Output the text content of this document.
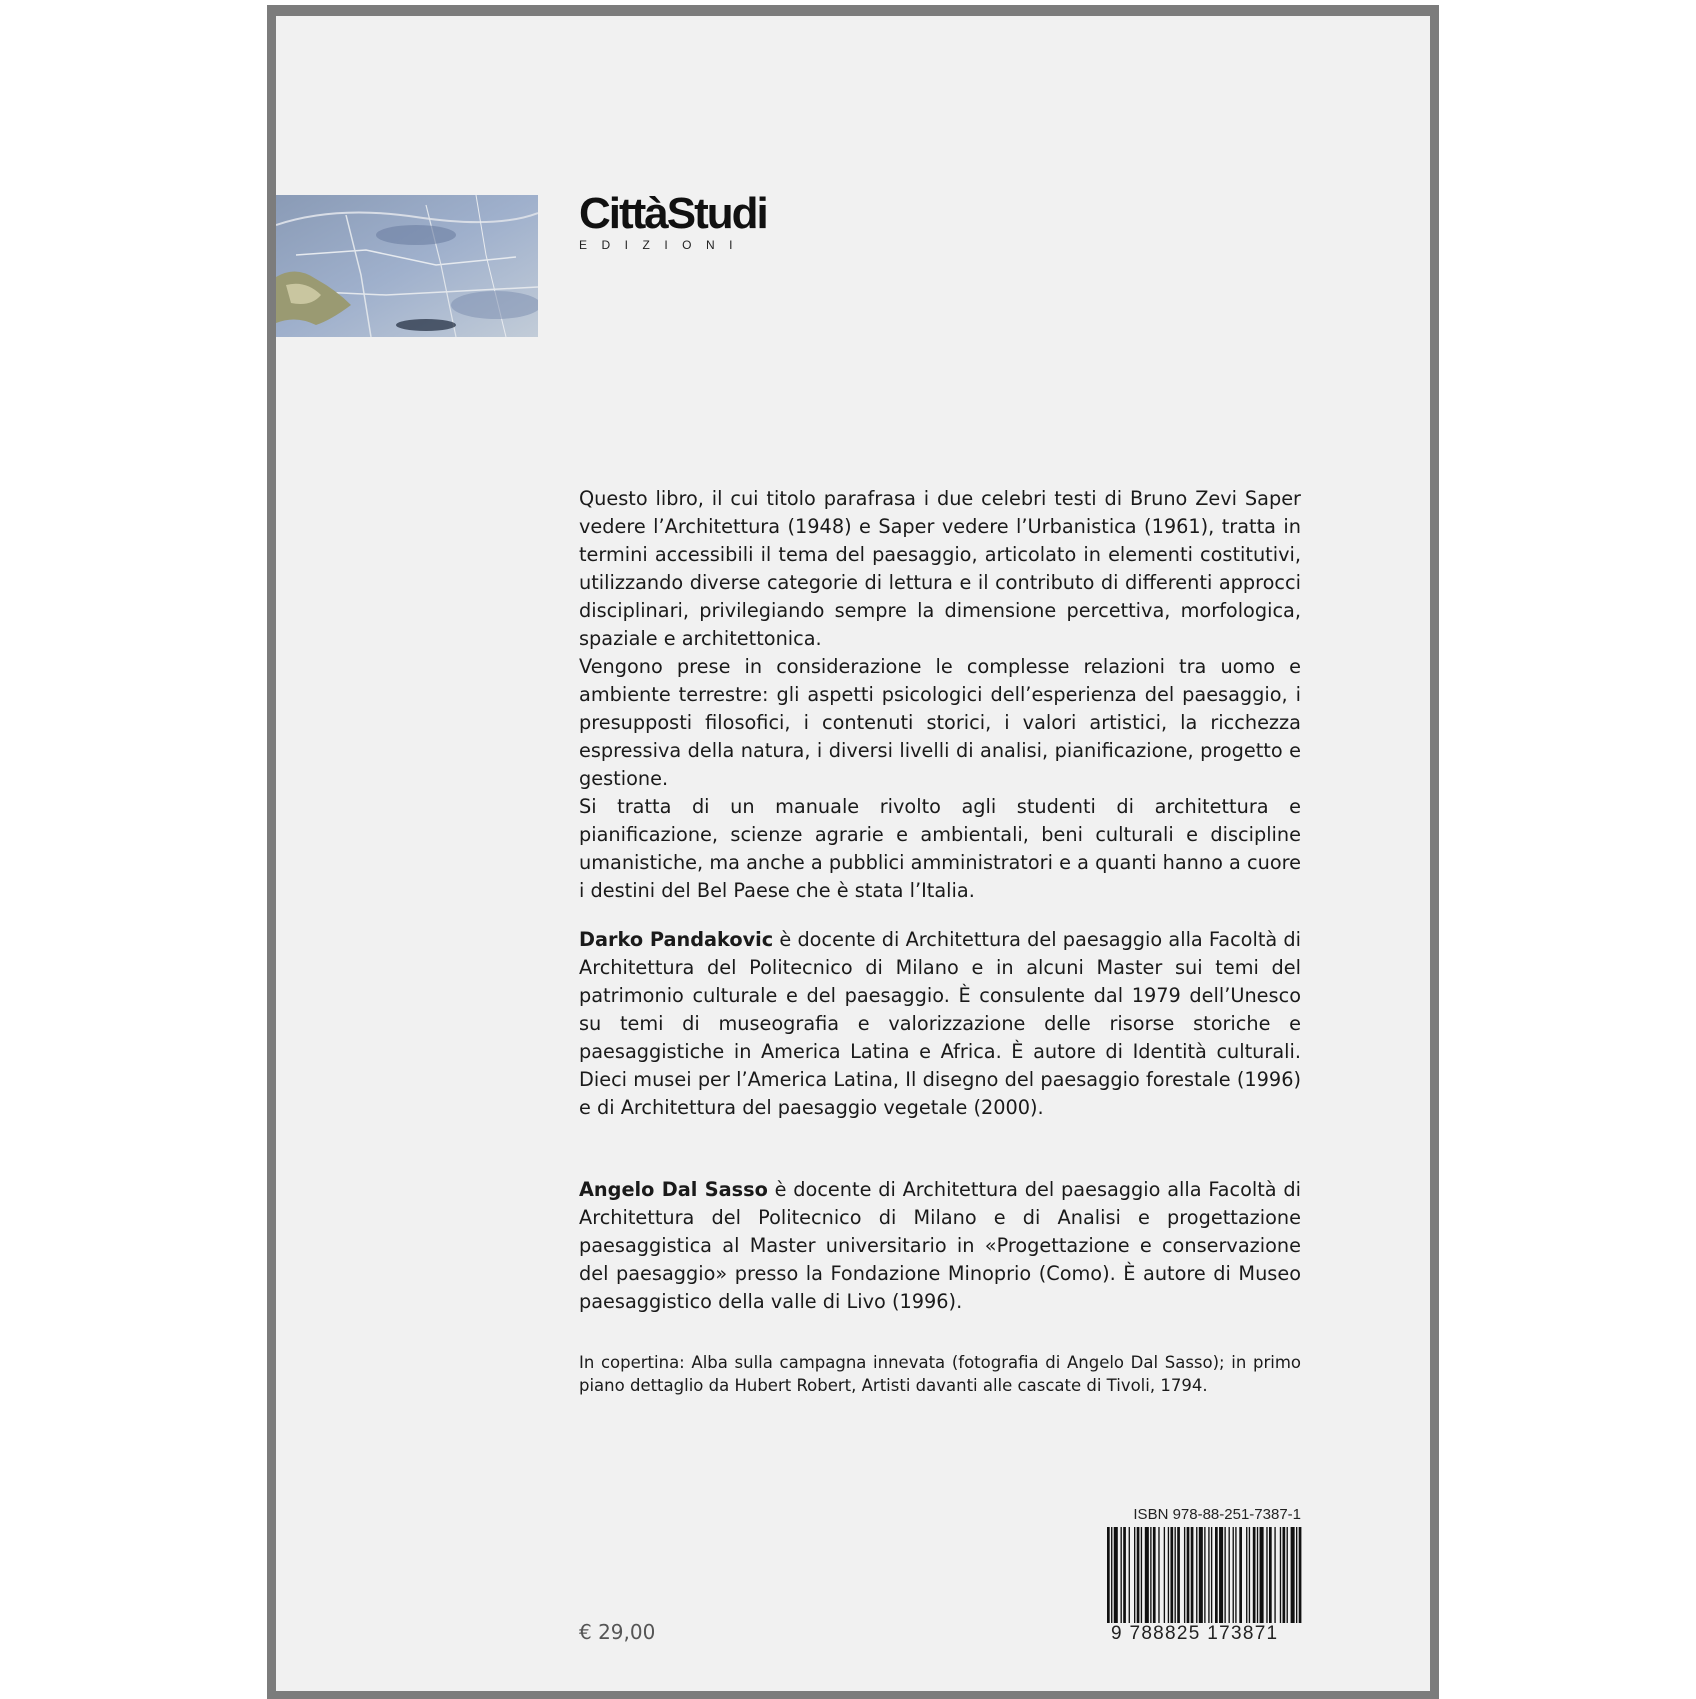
CittàStudi
EDIZIONI

Questo libro, il cui titolo parafrasa i due celebri testi di Bruno Zevi Saper vedere l’Architettura (1948) e Saper vedere l’Urbanistica (1961), tratta in termini accessibili il tema del paesaggio, articolato in elementi costitutivi, utilizzando diverse categorie di lettura e il contributo di differenti approcci disciplinari, privilegiando sempre la dimensione percettiva, morfologica, spaziale e architettonica.

Vengono prese in considerazione le complesse relazioni tra uomo e ambiente terrestre: gli aspetti psicologici dell’esperienza del paesaggio, i presupposti filosofici, i contenuti storici, i valori artistici, la ricchezza espressiva della natura, i diversi livelli di analisi, pianificazione, progetto e gestione.

Si tratta di un manuale rivolto agli studenti di architettura e pianificazione, scienze agrarie e ambientali, beni culturali e discipline umanistiche, ma anche a pubblici amministratori e a quanti hanno a cuore i destini del Bel Paese che è stata l’Italia.

Darko Pandakovic è docente di Architettura del paesaggio alla Facoltà di Architettura del Politecnico di Milano e in alcuni Master sui temi del patrimonio culturale e del paesaggio. È consulente dal 1979 dell’Unesco su temi di museografia e valorizzazione delle risorse storiche e paesaggistiche in America Latina e Africa. È autore di Identità culturali. Dieci musei per l’America Latina, Il disegno del paesaggio forestale (1996) e di Architettura del paesaggio vegetale (2000).

Angelo Dal Sasso è docente di Architettura del paesaggio alla Facoltà di Architettura del Politecnico di Milano e di Analisi e progettazione paesaggistica al Master universitario in «Progettazione e conservazione del paesaggio» presso la Fondazione Minoprio (Como). È autore di Museo paesaggistico della valle di Livo (1996).

In copertina: Alba sulla campagna innevata (fotografia di Angelo Dal Sasso); in primo piano dettaglio da Hubert Robert, Artisti davanti alle cascate di Tivoli, 1794.

ISBN 978-88-251-7387-1
9 788825 173871
€ 29,00
